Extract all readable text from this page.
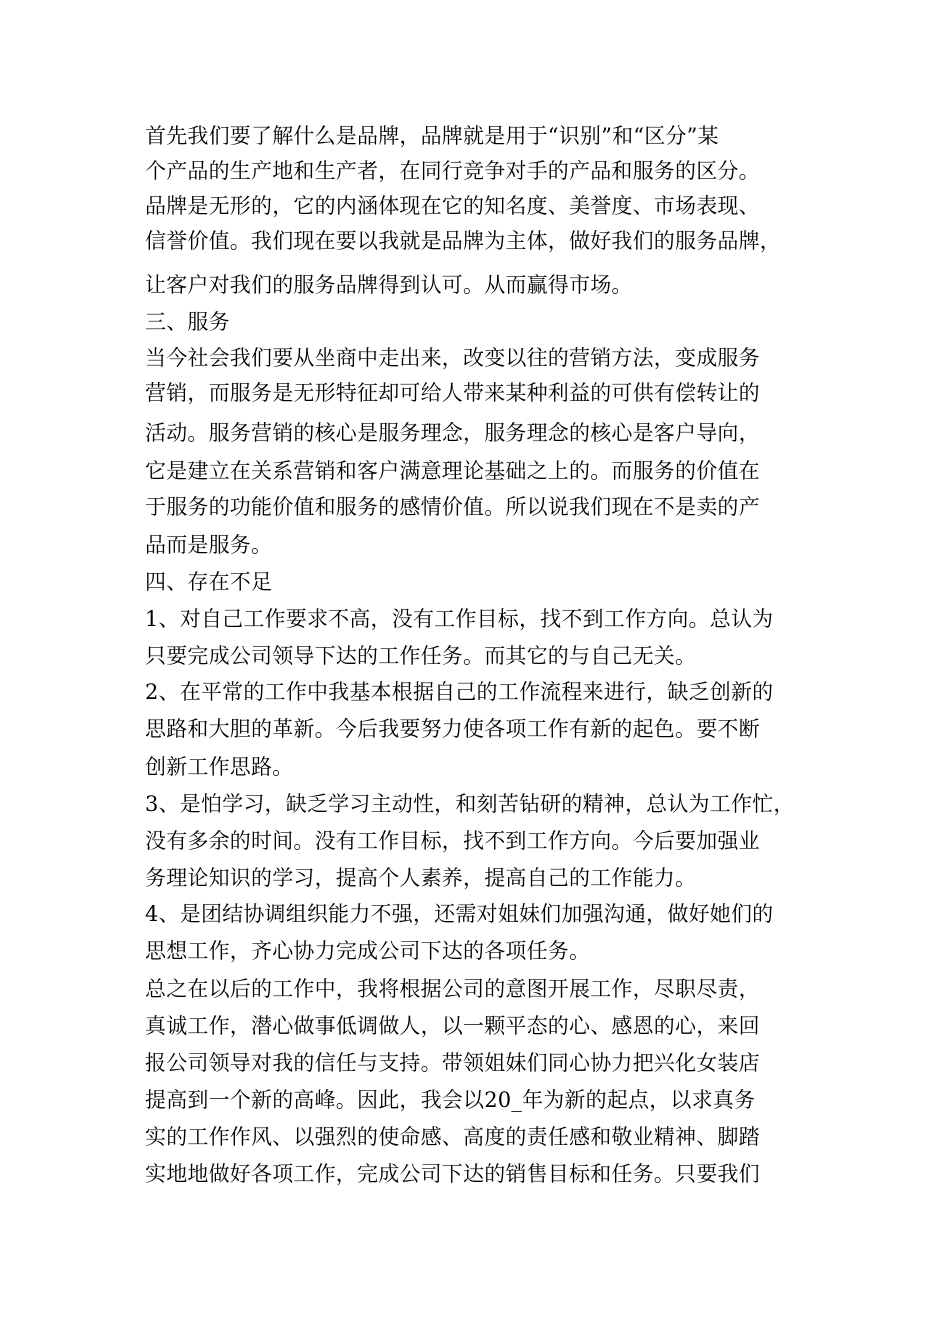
首先我们要了解什么是品牌，品牌就是用于“识别”和“区分”某
个产品的生产地和生产者，在同行竞争对手的产品和服务的区分。
品牌是无形的，它的内涵体现在它的知名度、美誉度、市场表现、
信誉价值。我们现在要以我就是品牌为主体，做好我们的服务品牌，
让客户对我们的服务品牌得到认可。从而赢得市场。
三、服务
当今社会我们要从坐商中走出来，改变以往的营销方法，变成服务
营销，而服务是无形特征却可给人带来某种利益的可供有偿转让的
活动。服务营销的核心是服务理念，服务理念的核心是客户导向，
它是建立在关系营销和客户满意理论基础之上的。而服务的价值在
于服务的功能价值和服务的感情价值。所以说我们现在不是卖的产
品而是服务。
四、存在不足
1、对自己工作要求不高，没有工作目标，找不到工作方向。总认为
只要完成公司领导下达的工作任务。而其它的与自己无关。
2、在平常的工作中我基本根据自己的工作流程来进行，缺乏创新的
思路和大胆的革新。今后我要努力使各项工作有新的起色。要不断
创新工作思路。
3、是怕学习，缺乏学习主动性，和刻苦钻研的精神，总认为工作忙，
没有多余的时间。没有工作目标，找不到工作方向。今后要加强业
务理论知识的学习，提高个人素养，提高自己的工作能力。
4、是团结协调组织能力不强，还需对姐妹们加强沟通，做好她们的
思想工作，齐心协力完成公司下达的各项任务。
总之在以后的工作中，我将根据公司的意图开展工作，尽职尽责，
真诚工作，潜心做事低调做人，以一颗平态的心、感恩的心，来回
报公司领导对我的信任与支持。带领姐妹们同心协力把兴化女装店
提高到一个新的高峰。因此，我会以20_年为新的起点，以求真务
实的工作作风、以强烈的使命感、高度的责任感和敬业精神、脚踏
实地地做好各项工作，完成公司下达的销售目标和任务。只要我们
